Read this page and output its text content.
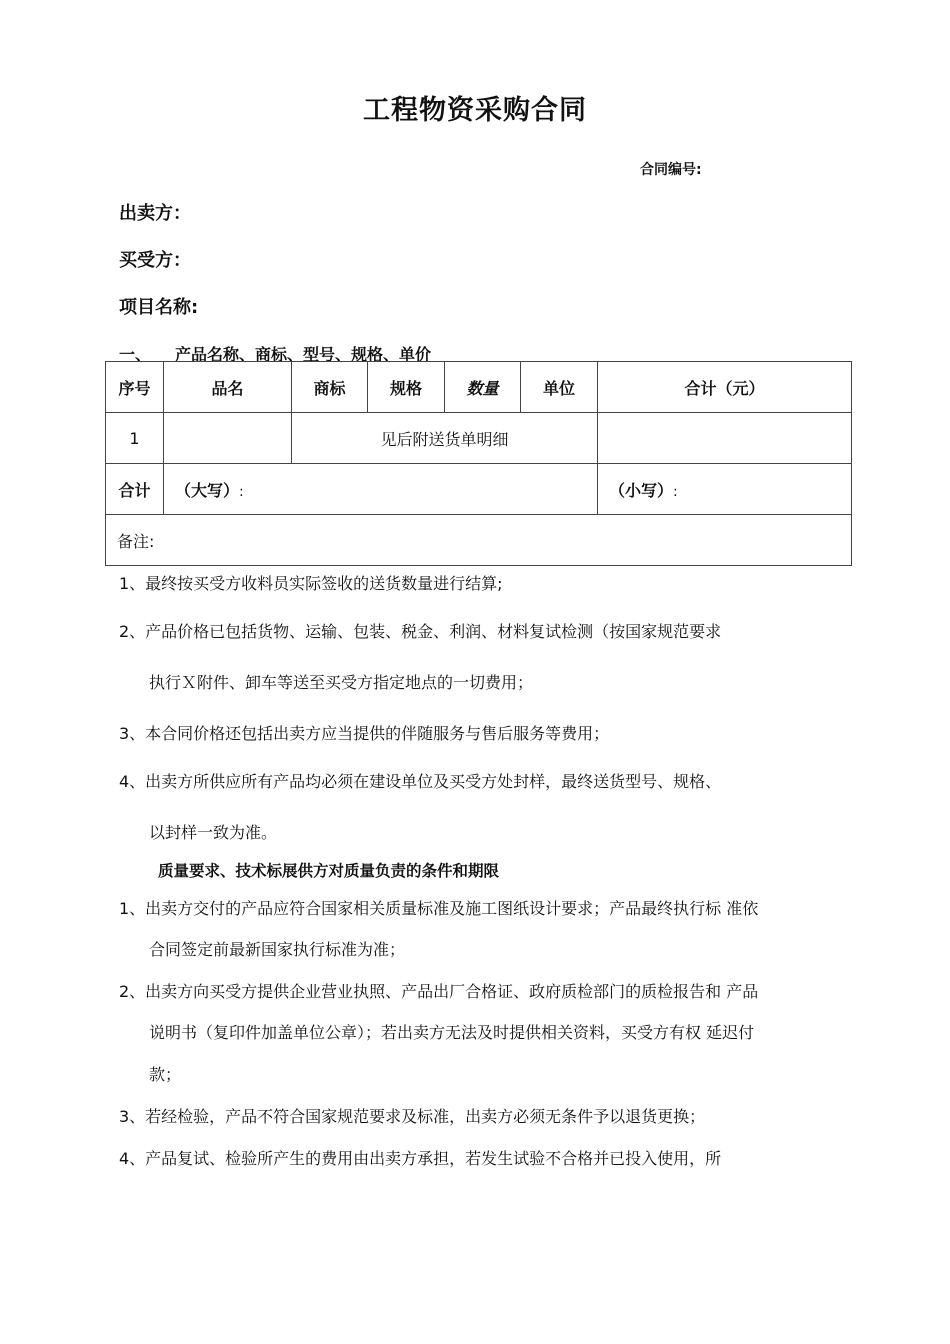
工程物资采购合同
合同编号:
出卖方：
买受方：
项目名称:
一、 产品名称、商标、型号、规格、单价
序号	品名	商标	规格	数量	单位	合计（元）
1		见后附送货单明细				
合计	（大写）:					（小写）:
备注:						
1、最终按买受方收料员实际签收的送货数量进行结算;
2、产品价格已包括货物、运输、包装、税金、利润、材料复试检测（按国家规范要求
执行Ｘ附件、卸车等送至买受方指定地点的一切费用；
3、本合同价格还包括出卖方应当提供的伴随服务与售后服务等费用；
4、出卖方所供应所有产品均必须在建设单位及买受方处封样，最终送货型号、规格、
以封样一致为准。
质量要求、技术标展供方对质量负责的条件和期限
1、出卖方交付的产品应符合国家相关质量标准及施工图纸设计要求；产品最终执行标 准依
合同签定前最新国家执行标准为准；
2、出卖方向买受方提供企业营业执照、产品出厂合格证、政府质检部门的质检报告和 产品
说明书（复印件加盖单位公章）；若出卖方无法及时提供相关资料，买受方有权 延迟付
款；
3、若经检验，产品不符合国家规范要求及标准，出卖方必须无条件予以退货更换；
4、产品复试、检验所产生的费用由出卖方承担，若发生试验不合格并已投入使用，所
